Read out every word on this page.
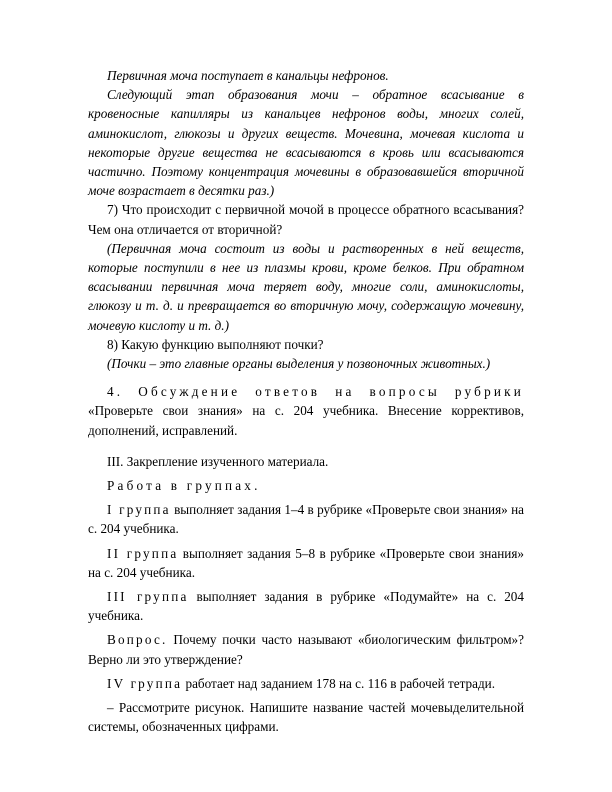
Первичная моча поступает в канальцы нефронов.

Следующий этап образования мочи – обратное всасывание в кровеносные капилляры из канальцев нефронов воды, многих солей, аминокислот, глюкозы и других веществ. Мочевина, мочевая кислота и некоторые другие вещества не всасываются в кровь или всасываются частично. Поэтому концентрация мочевины в образовавшейся вторичной моче возрастает в десятки раз.)

7) Что происходит с первичной мочой в процессе обратного всасывания? Чем она отличается от вторичной?

(Первичная моча состоит из воды и растворенных в ней веществ, которые поступили в нее из плазмы крови, кроме белков. При обратном всасывании первичная моча теряет воду, многие соли, аминокислоты, глюкозу и т. д. и превращается во вторичную мочу, содержащую мочевину, мочевую кислоту и т. д.)

8) Какую функцию выполняют почки?

(Почки – это главные органы выделения у позвоночных животных.)

4. Обсуждение ответов на вопросы рубрики «Проверьте свои знания» на с. 204 учебника. Внесение коррективов, дополнений, исправлений.

III. Закрепление изученного материала.

Работа в группах.

I группа выполняет задания 1–4 в рубрике «Проверьте свои знания» на с. 204 учебника.

II группа выполняет задания 5–8 в рубрике «Проверьте свои знания» на с. 204 учебника.

III группа выполняет задания в рубрике «Подумайте» на с. 204 учебника.

Вопрос. Почему почки часто называют «биологическим фильтром»? Верно ли это утверждение?

IV группа работает над заданием 178 на с. 116 в рабочей тетради.

– Рассмотрите рисунок. Напишите название частей мочевыделительной системы, обозначенных цифрами.
